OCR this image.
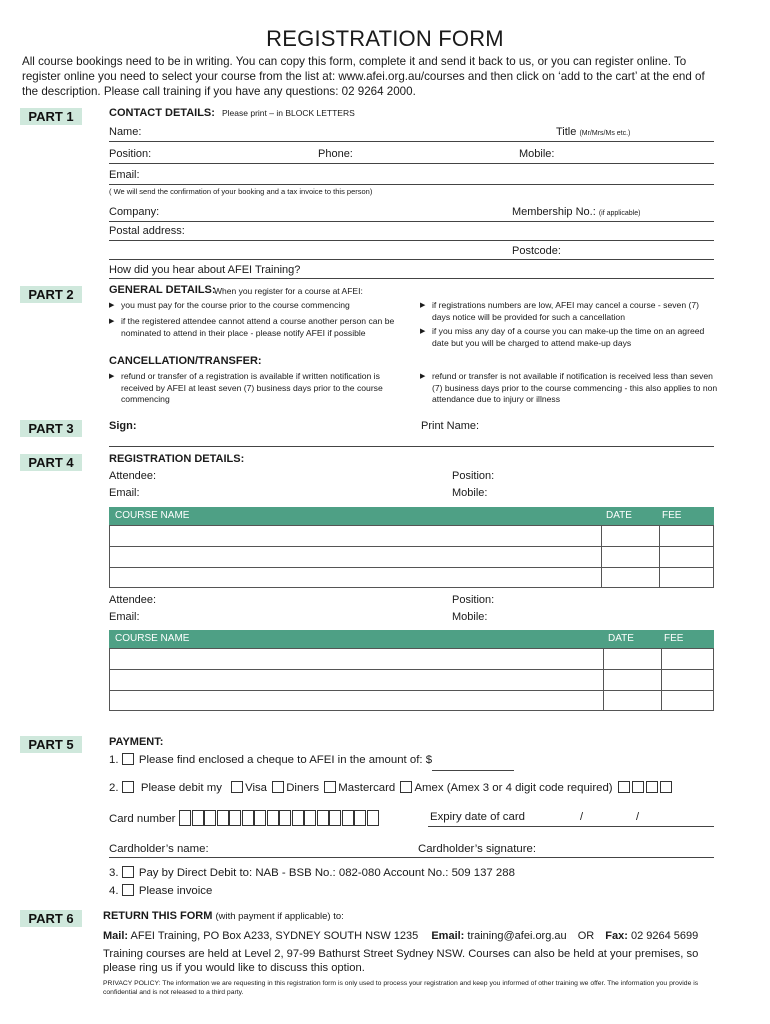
REGISTRATION FORM
All course bookings need to be in writing. You can copy this form, complete it and send it back to us, or you can register online. To register online you need to select your course from the list at: www.afei.org.au/courses and then click on ‘add to the cart’ at the end of the description. Please call training if you have any questions: 02 9264 2000.
PART 1	CONTACT DETAILS: Please print – in BLOCK LETTERS
Name:	Title (Mr/Mrs/Ms etc.)
Position:	Phone:	Mobile:
Email:
( We will send the confirmation of your booking and a tax invoice to this person)
Company:	Membership No.: (if applicable)
Postal address:
Postcode:
How did you hear about AFEI Training?
PART 2	GENERAL DETAILS:
When you register for a course at AFEI:
▶ you must pay for the course prior to the course commencing
▶ if the registered attendee cannot attend a course another person can be nominated to attend in their place - please notify AFEI if possible
▶ if registrations numbers are low, AFEI may cancel a course - seven (7) days notice will be provided for such a cancellation
▶ if you miss any day of a course you can make-up the time on an agreed date but you will be charged to attend make-up days
CANCELLATION/TRANSFER:
▶ refund or transfer of a registration is available if written notification is received by AFEI at least seven (7) business days prior to the course commencing
▶ refund or transfer is not available if notification is received less than seven (7) business days prior to the course commencing - this also applies to non attendance due to injury or illness
PART 3	Sign:	Print Name:
PART 4	REGISTRATION DETAILS:
Attendee:	Position:
Email:	Mobile:
COURSE NAME	DATE	FEE
Attendee:	Position:
Email:	Mobile:
COURSE NAME	DATE	FEE
PART 5	PAYMENT:
1. Please find enclosed a cheque to AFEI in the amount of: $
2. Please debit my Visa Diners Mastercard Amex (Amex 3 or 4 digit code required)
Card number	Expiry date of card	/	/
Cardholder’s name:	Cardholder’s signature:
3. Pay by Direct Debit to: NAB - BSB No.: 082-080 Account No.: 509 137 288
4. Please invoice
PART 6	RETURN THIS FORM (with payment if applicable) to:
Mail: AFEI Training, PO Box A233, SYDNEY SOUTH NSW 1235 Email: training@afei.org.au OR Fax: 02 9264 5699
Training courses are held at Level 2, 97-99 Bathurst Street Sydney NSW. Courses can also be held at your premises, so please ring us if you would like to discuss this option.
PRIVACY POLICY: The information we are requesting in this registration form is only used to process your registration and keep you informed of other training we offer. The information you provide is confidential and is not released to a third party.
